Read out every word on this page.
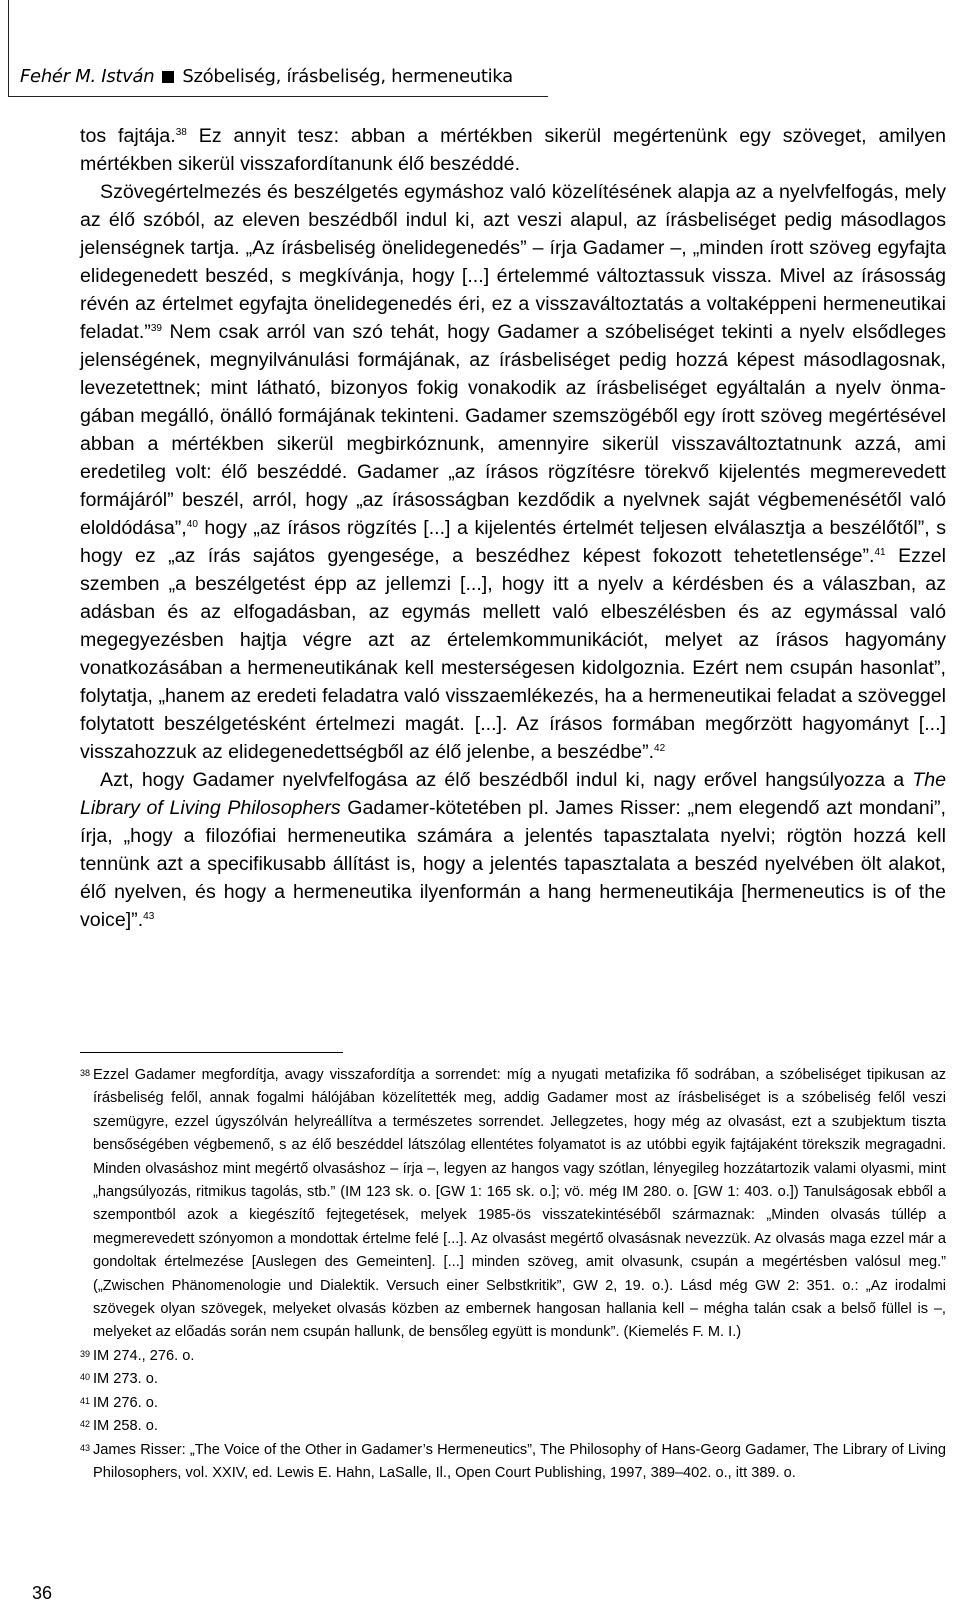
Fehér M. István Szóbeliség, írásbeliség, hermeneutika

tos fajtája.$^{38}$ Ez annyit tesz: abban a mértékben sikerül megértenünk egy szöveget, amilyen mértékben sikerül visszafordítanunk élő beszéddé.

Szövegértelmezés és beszélgetés egymáshoz való közelítésének alapja az a nyelvfelfogás, mely az élő szóból, az eleven beszédből indul ki, azt veszi alapul, az írásbeliséget pedig másodlagos jelenségnek tartja. „Az írásbeliség önelidegenedés” – írja Gadamer –, „minden írott szöveg egyfajta elidegenedett beszéd, s megkívánja, hogy [...] értelemmé változtassuk vissza. Mivel az írásosság révén az értelmet egyfajta önelidegenedés éri, ez a visszaváltoztatás a voltaképpeni hermeneutikai feladat.”$^{39}$ Nem csak arról van szó tehát, hogy Gadamer a szóbeliséget tekinti a nyelv elsődleges jelenségének, megnyilvánulási formájának, az írásbeliséget pedig hozzá képest másodlagosnak, levezetettnek; mint látható, bizonyos fokig vonakodik az írásbeliséget egyáltalán a nyelv önmagában megálló, önálló formájának tekinteni. Gadamer szemszögéből egy írott szöveg megértésével abban a mértékben sikerül megbirkóznunk, amennyire sikerül visszaváltoztatnunk azzá, ami eredetileg volt: élő beszéddé. Gadamer „az írásos rögzítésre törekvő kijelentés megmerevedett formájáról” beszél, arról, hogy „az írásosságban kezdődik a nyelvnek saját végbemenésétől való eloldódása”,$^{40}$ hogy „az írásos rögzítés [...] a kijelentés értelmét teljesen elválasztja a beszélőtől”, s hogy ez „az írás sajátos gyengesége, a beszédhez képest fokozott tehetetlensége”.$^{41}$ Ezzel szemben „a beszélgetést épp az jellemzi [...], hogy itt a nyelv a kérdésben és a válaszban, az adásban és az elfogadásban, az egymás mellett való elbeszélésben és az egymással való megegyezésben hajtja végre azt az értelemkommunikációt, melyet az írásos hagyomány vonatkozásában a hermeneutikának kell mesterségesen kidolgoznia. Ezért nem csupán hasonlat”, folytatja, „hanem az eredeti feladatra való visszaemlékezés, ha a hermeneutikai feladat a szöveggel folytatott beszélgetésként értelmezi magát. [...]. Az írásos formában megőrzött hagyományt [...] visszahozzuk az elidegenedettségből az élő jelenbe, a beszédbe”.$^{42}$

Azt, hogy Gadamer nyelvfelfogása az élő beszédből indul ki, nagy erővel hangsúlyozza a The Library of Living Philosophers Gadamer-kötetében pl. James Risser: „nem elegendő azt mondani”, írja, „hogy a filozófiai hermeneutika számára a jelentés tapasztalata nyelvi; rögtön hozzá kell tennünk azt a specifikusabb állítást is, hogy a jelentés tapasztalata a beszéd nyelvében ölt alakot, élő nyelven, és hogy a hermeneutika ilyenformán a hang hermeneutikája [hermeneutics is of the voice]”.$^{43}$

38 Ezzel Gadamer megfordítja, avagy visszafordítja a sorrendet: míg a nyugati metafizika fő sodrában, a szóbeliséget tipikusan az írásbeliség felől, annak fogalmi hálójában közelítették meg, addig Gadamer most az írásbeliséget is a szóbeliség felől veszi szemügyre, ezzel úgyszólván helyreállítva a természetes sorrendet. Jellegzetes, hogy még az olvasást, ezt a szubjektum tiszta bensőségében végbemenő, s az élő beszéddel látszólag ellentétes folyamatot is az utóbbi egyik fajtájaként törekszik megragadni. Minden olvasáshoz mint megértő olvasáshoz – írja –, legyen az hangos vagy szótlan, lényegileg hozzátartozik valami olyasmi, mint „hangsúlyozás, ritmikus tagolás, stb.” (IM 123 sk. o. [GW 1: 165 sk. o.]; vö. még IM 280. o. [GW 1: 403. o.]) Tanulságosak ebből a szempontból azok a kiegészítő fejtegetések, melyek 1985-ös visszatekintéséből származnak: „Minden olvasás túllép a megmerevedett szónyomon a mondottak értelme felé [...]. Az olvasást megértő olvasásnak nevezzük. Az olvasás maga ezzel már a gondoltak értelmezése [Auslegen des Gemeinten]. [...] minden szöveg, amit olvasunk, csupán a megértésben valósul meg.” („Zwischen Phänomenologie und Dialektik. Versuch einer Selbstkritik”, GW 2, 19. o.). Lásd még GW 2: 351. o.: „Az irodalmi szövegek olyan szövegek, melyeket olvasás közben az embernek hangosan hallania kell – mégha talán csak a belső füllel is –, melyeket az előadás során nem csupán hallunk, de bensőleg együtt is mondunk”. (Kiemelés F. M. I.)

39 IM 274., 276. o.

40 IM 273. o.

41 IM 276. o.

42 IM 258. o.

43 James Risser: „The Voice of the Other in Gadamer’s Hermeneutics”, The Philosophy of Hans-Georg Gadamer, The Library of Living Philosophers, vol. XXIV, ed. Lewis E. Hahn, LaSalle, Il., Open Court Publishing, 1997, 389–402. o., itt 389. o.

36
